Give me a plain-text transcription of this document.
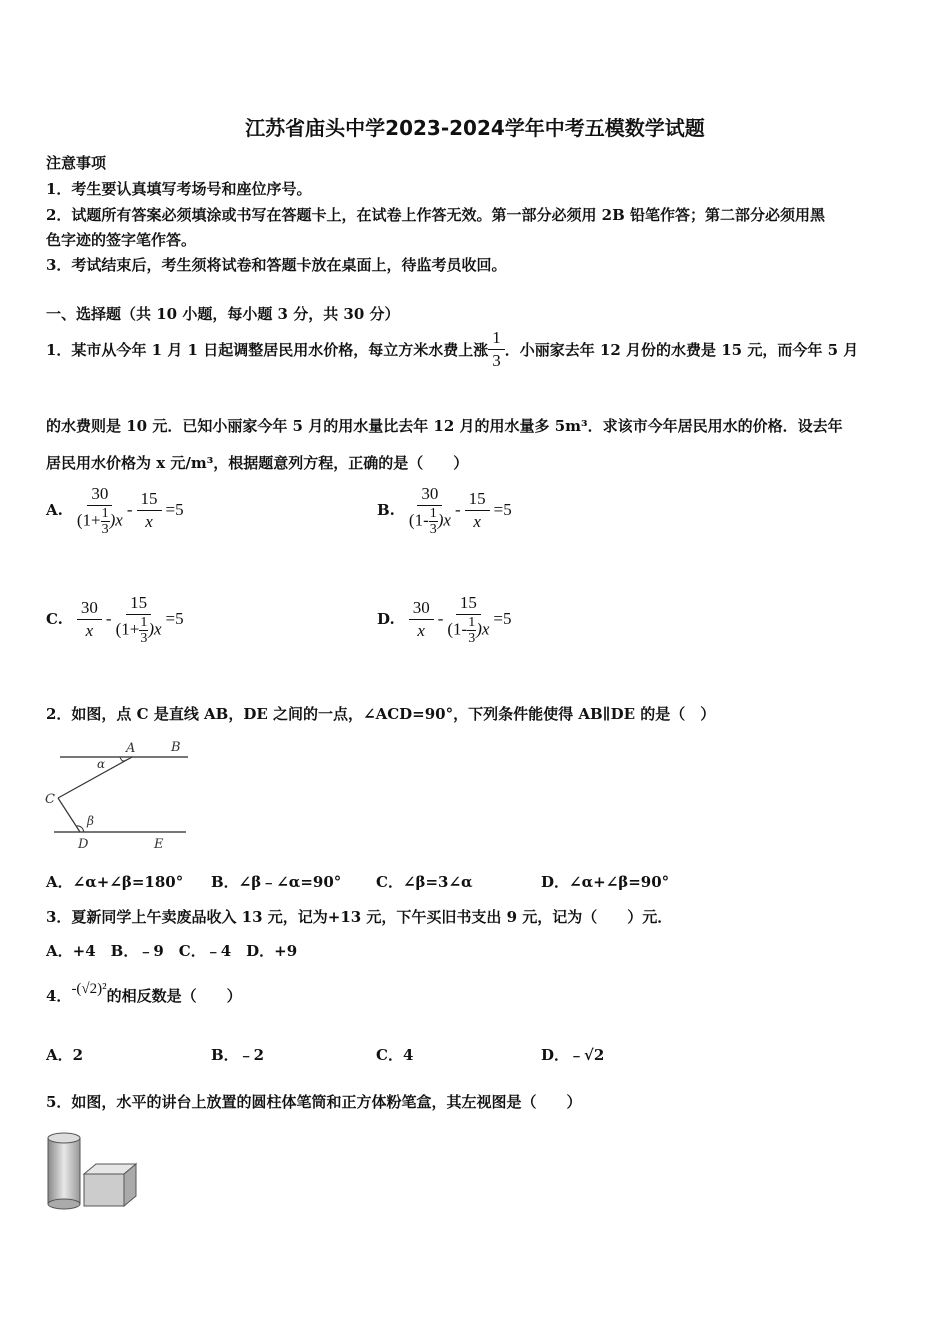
江苏省庙头中学2023-2024学年中考五模数学试题
注意事项
1．考生要认真填写考场号和座位序号。
2．试题所有答案必须填涂或书写在答题卡上，在试卷上作答无效。第一部分必须用 2B 铅笔作答；第二部分必须用黑
色字迹的签字笔作答。
3．考试结束后，考生须将试卷和答题卡放在桌面上，待监考员收回。
一、选择题（共 10 小题，每小题 3 分，共 30 分）
1．某市从今年 1 月 1 日起调整居民用水价格，每立方米水费上涨 $\frac{1}{3}$ ．小丽家去年 12 月份的水费是 15 元，而今年 5 月
的水费则是 10 元．已知小丽家今年 5 月的用水量比去年 12 月的用水量多 5m³．求该市今年居民用水的价格．设去年
居民用水价格为 x 元/m³，根据题意列方程，正确的是（　　）
A. $\frac{30}{(1+ \frac{1}{3} )x} - \frac{15}{x} =5$	B. $\frac{30}{(1- \frac{1}{3} )x} - \frac{15}{x} =5$
C. $\frac{30}{x} - \frac{15}{(1+ \frac{1}{3} )x} =5$	D. $\frac{30}{x} - \frac{15}{(1- \frac{1}{3} )x} =5$
2．如图，点 C 是直线 AB，DE 之间的一点，∠ACD=90°，下列条件能使得 AB∥DE 的是（　）
A	B
C
D	E
α
β
A．∠α+∠β=180° B．∠β﹣∠α=90° C．∠β=3∠α	D．∠α+∠β=90°
3．夏新同学上午卖废品收入 13 元，记为+13 元，下午买旧书支出 9 元，记为（　　）元．
A．+4　B．﹣9　C．﹣4　D．+9
4．-(√2)²的相反数是（　　）
A．2	B．﹣2	C．4	D．﹣√2
5．如图，水平的讲台上放置的圆柱体笔筒和正方体粉笔盒，其左视图是（　　）
